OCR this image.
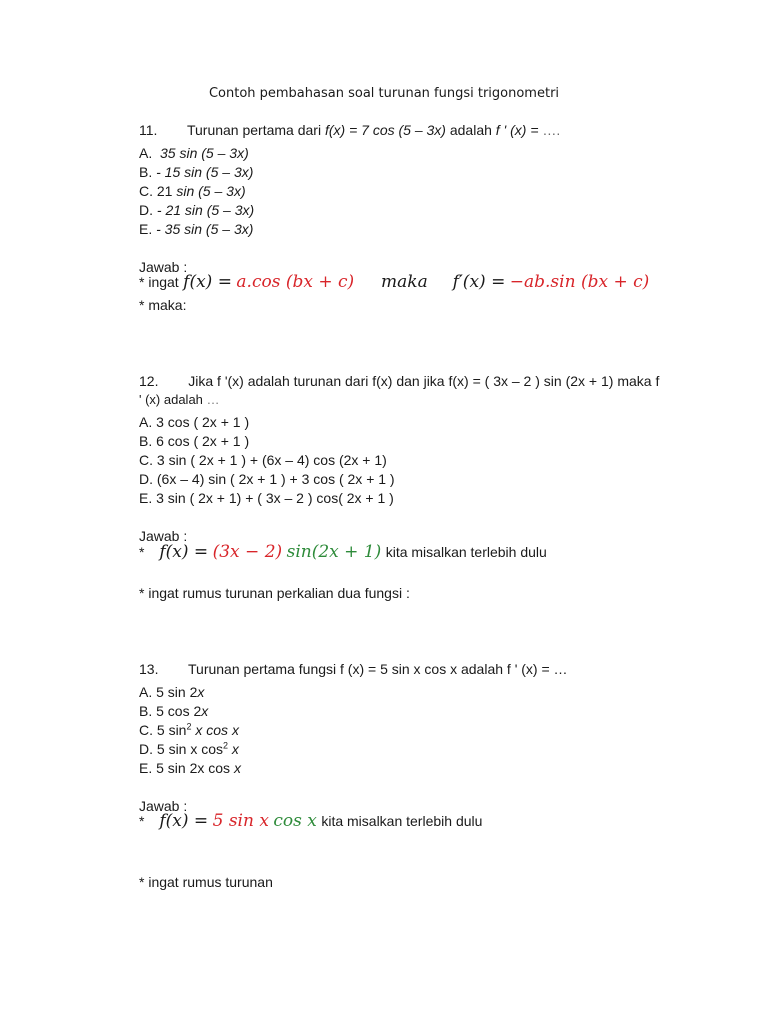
Contoh pembahasan soal turunan fungsi trigonometri
11. Turunan pertama dari f(x) = 7 cos (5 – 3x) adalah f ' (x) = ….
A. 35 sin (5 – 3x)
B. - 15 sin (5 – 3x)
C. 21 sin (5 – 3x)
D. - 21 sin (5 – 3x)
E. - 35 sin (5 – 3x)
Jawab :
* ingat f(x) = a.cos (bx + c) maka f′(x) = −ab.sin (bx + c)
* maka:
12. Jika f '(x) adalah turunan dari f(x) dan jika f(x) = ( 3x – 2 ) sin (2x + 1) maka f
' (x) adalah …
A. 3 cos ( 2x + 1 )
B. 6 cos ( 2x + 1 )
C. 3 sin ( 2x + 1 ) + (6x – 4) cos (2x + 1)
D. (6x – 4) sin ( 2x + 1 ) + 3 cos ( 2x + 1 )
E. 3 sin ( 2x + 1) + ( 3x – 2 ) cos( 2x + 1 )
Jawab :
* f(x) = (3x − 2) sin(2x + 1) kita misalkan terlebih dulu
* ingat rumus turunan perkalian dua fungsi :
13. Turunan pertama fungsi f (x) = 5 sin x cos x adalah f ' (x) = …
A. 5 sin 2x
B. 5 cos 2x
C. 5 $\sin^2 x$ cos x
D. 5 sin x $\cos^2 x$
E. 5 sin 2x cos x
Jawab :
* f(x) = 5 sin x cos x kita misalkan terlebih dulu
* ingat rumus turunan
